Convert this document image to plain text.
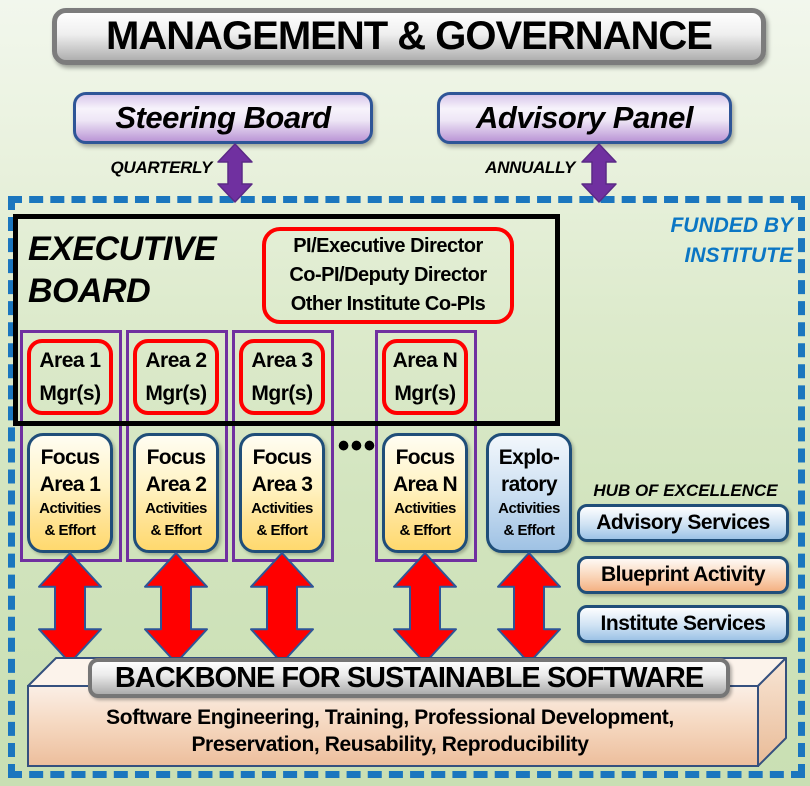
MANAGEMENT & GOVERNANCE
Steering Board	Advisory Panel
QUARTERLY	ANNUALLY
FUNDED BY
INSTITUTE
EXECUTIVE
BOARD
PI/Executive Director
Co-PI/Deputy Director
Other Institute Co-PIs
Area 1
Mgr(s)
Area 2
Mgr(s)
Area 3
Mgr(s)
Area N
Mgr(s)
Focus
Area 1
Activities
& Effort
Focus
Area 2
Activities
& Effort
Focus
Area 3
Activities
& Effort
••• Focus
Area N
Activities
& Effort
Explo-
ratory
Activities
& Effort
HUB OF EXCELLENCE
Advisory Services
Blueprint Activity
Institute Services
BACKBONE FOR SUSTAINABLE SOFTWARE
Software Engineering, Training, Professional Development,
Preservation, Reusability, Reproducibility
